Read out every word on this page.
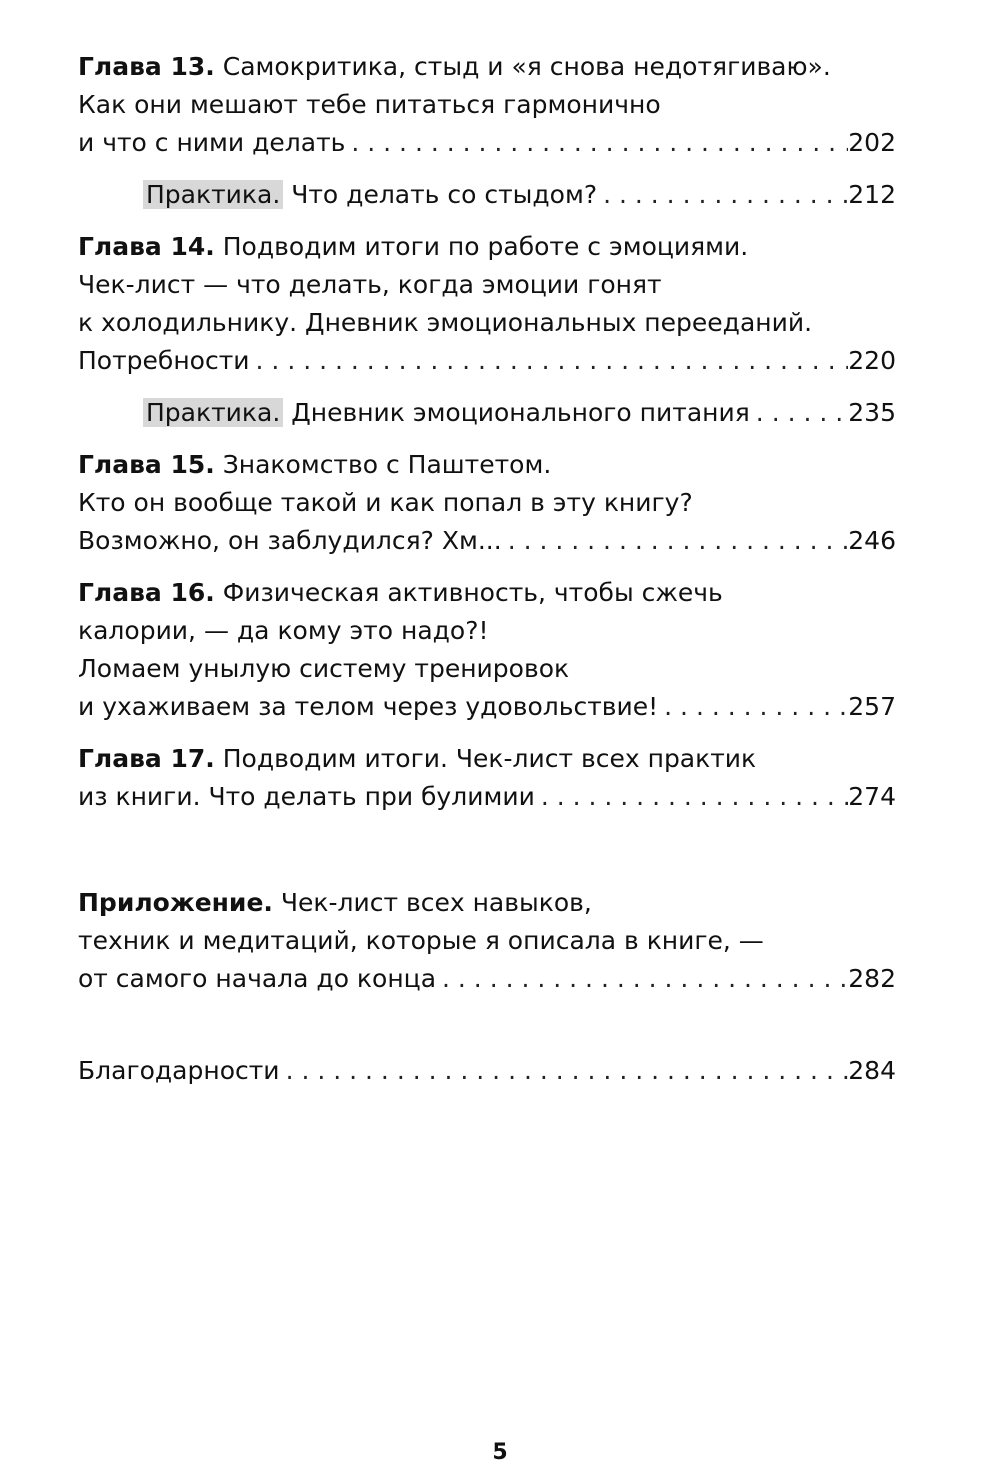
Глава 13. Самокритика, стыд и «я снова недотягиваю».
Как они мешают тебе питаться гармонично
и что с ними делать . . .	202
Практика. Что делать со стыдом? . . .	212
Глава 14. Подводим итоги по работе с эмоциями.
Чек-лист — что делать, когда эмоции гонят
к холодильнику. Дневник эмоциональных перееданий.
Потребности . . .	220
Практика. Дневник эмоционального питания . . .	235
Глава 15. Знакомство с Паштетом.
Кто он вообще такой и как попал в эту книгу?
Возможно, он заблудился? Хм... . . .	246
Глава 16. Физическая активность, чтобы сжечь
калории, — да кому это надо?!
Ломаем унылую систему тренировок
и ухаживаем за телом через удовольствие! . . .	257
Глава 17. Подводим итоги. Чек-лист всех практик
из книги. Что делать при булимии . . .	274
Приложение. Чек-лист всех навыков,
техник и медитаций, которые я описала в книге, —
от самого начала до конца . . .	282
Благодарности . . .	284
5
